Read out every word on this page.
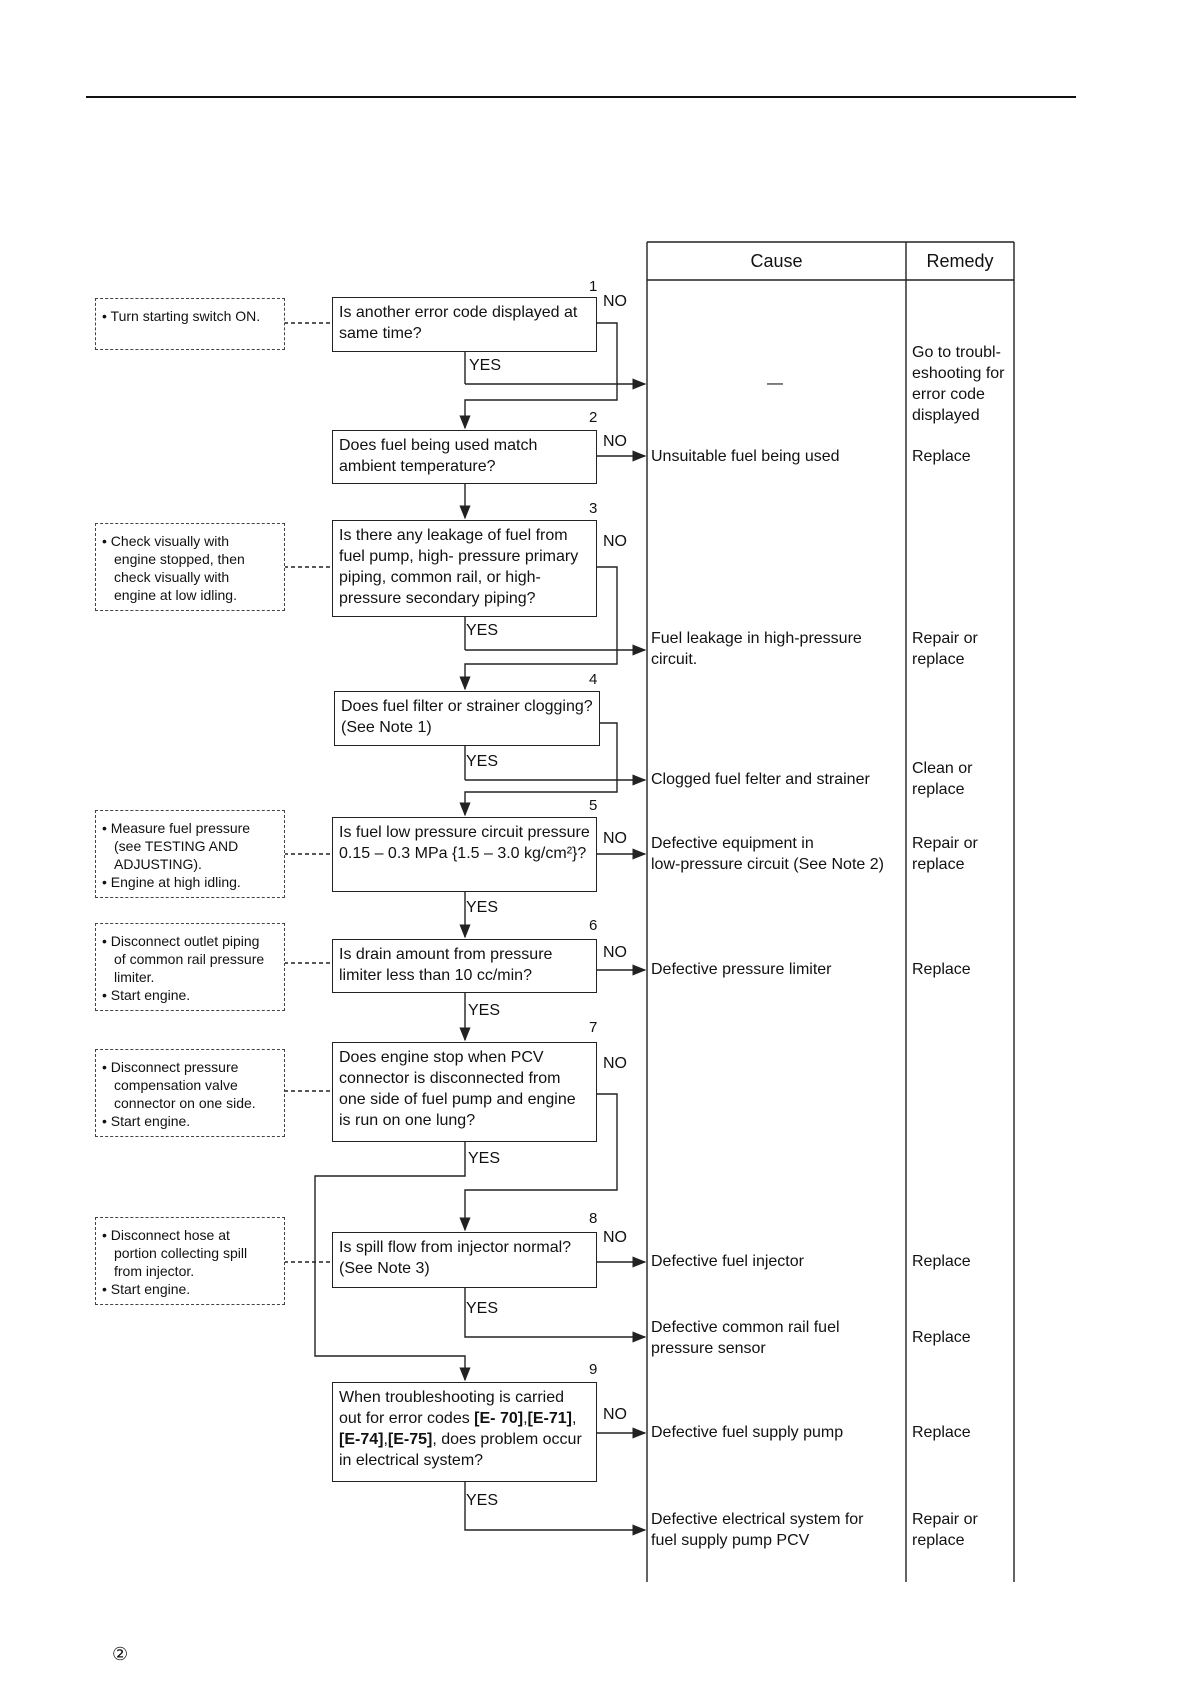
Cause	Remedy
• Turn starting switch ON.
• Check visually with engine stopped, then check visually with engine at low idling.
• Measure fuel pressure (see TESTING AND ADJUSTING).
• Engine at high idling.
• Disconnect outlet piping of common rail pressure limiter.
• Start engine.
• Disconnect pressure compensation valve connector on one side.
• Start engine.
• Disconnect hose at portion collecting spill from injector.
• Start engine.
1
2
3
4
5
6
7
8
9
Is another error code displayed at same time?
Does fuel being used match ambient temperature?
Is there any leakage of fuel from fuel pump, high- pressure primary piping, common rail, or high-pressure secondary piping?
Does fuel filter or strainer clogging? (See Note 1)
Is fuel low pressure circuit pressure 0.15 – 0.3 MPa {1.5 – 3.0 kg/cm²}?
Is drain amount from pressure limiter less than 10 cc/min?
Does engine stop when PCV connector is disconnected from one side of fuel pump and engine is run on one lung?
Is spill flow from injector normal? (See Note 3)
When troubleshooting is carried out for error codes [E- 70],[E-71], [E-74],[E-75], does problem occur in electrical system?
NO
NO
NO
NO
NO
NO
NO
NO
YES
YES
YES
YES
YES
YES
YES
YES
—
Unsuitable fuel being used
Fuel leakage in high-pressure
circuit.
Clogged fuel felter and strainer
Defective equipment in
low-pressure circuit (See Note 2)
Defective pressure limiter
Defective fuel injector
Defective common rail fuel
pressure sensor
Defective fuel supply pump
Defective electrical system for
fuel supply pump PCV
Go to troubl-
eshooting for
error code
displayed
Replace
Repair or
replace
Clean or
replace
Repair or
replace
Replace
Replace
Replace
Replace
Repair or
replace
②
